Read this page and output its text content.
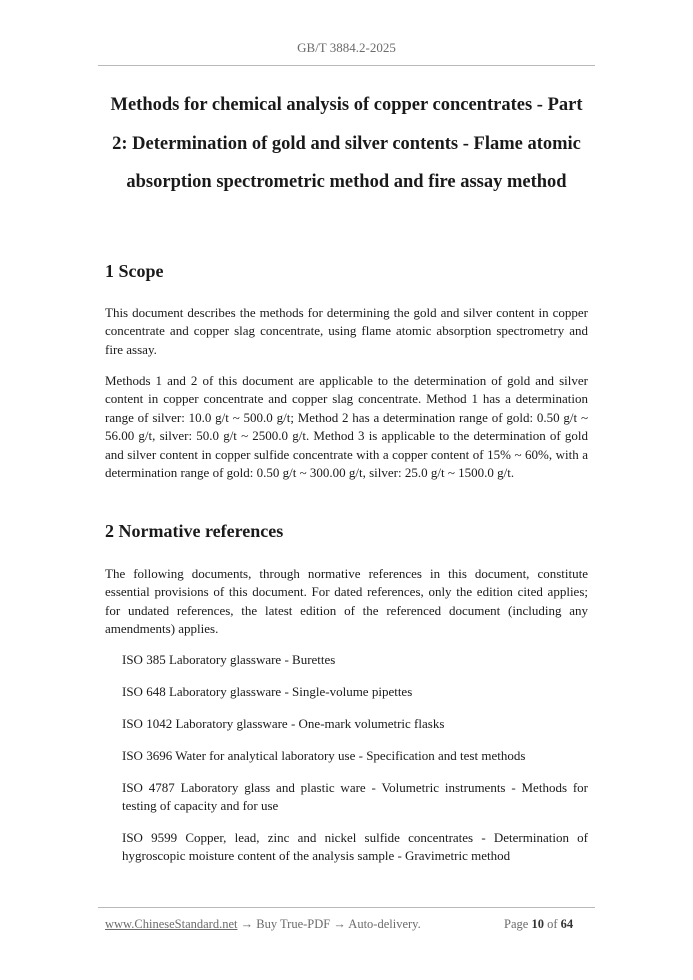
GB/T 3884.2-2025
Methods for chemical analysis of copper concentrates - Part
2: Determination of gold and silver contents - Flame atomic
absorption spectrometric method and fire assay method
1 Scope

This document describes the methods for determining the gold and silver content in copper concentrate and copper slag concentrate, using flame atomic absorption spectrometry and fire assay.

Methods 1 and 2 of this document are applicable to the determination of gold and silver content in copper concentrate and copper slag concentrate. Method 1 has a determination range of silver: 10.0 g/t ~ 500.0 g/t; Method 2 has a determination range of gold: 0.50 g/t ~ 56.00 g/t, silver: 50.0 g/t ~ 2500.0 g/t. Method 3 is applicable to the determination of gold and silver content in copper sulfide concentrate with a copper content of 15% ~ 60%, with a determination range of gold: 0.50 g/t ~ 300.00 g/t, silver: 25.0 g/t ~ 1500.0 g/t.

2 Normative references

The following documents, through normative references in this document, constitute essential provisions of this document. For dated references, only the edition cited applies; for undated references, the latest edition of the referenced document (including any amendments) applies.

ISO 385 Laboratory glassware - Burettes

ISO 648 Laboratory glassware - Single-volume pipettes

ISO 1042 Laboratory glassware - One-mark volumetric flasks

ISO 3696 Water for analytical laboratory use - Specification and test methods

ISO 4787 Laboratory glass and plastic ware - Volumetric instruments - Methods for testing of capacity and for use

ISO 9599 Copper, lead, zinc and nickel sulfide concentrates - Determination of hygroscopic moisture content of the analysis sample - Gravimetric method

www.ChineseStandard.net → Buy True-PDF → Auto-delivery.	Page 10 of 64
